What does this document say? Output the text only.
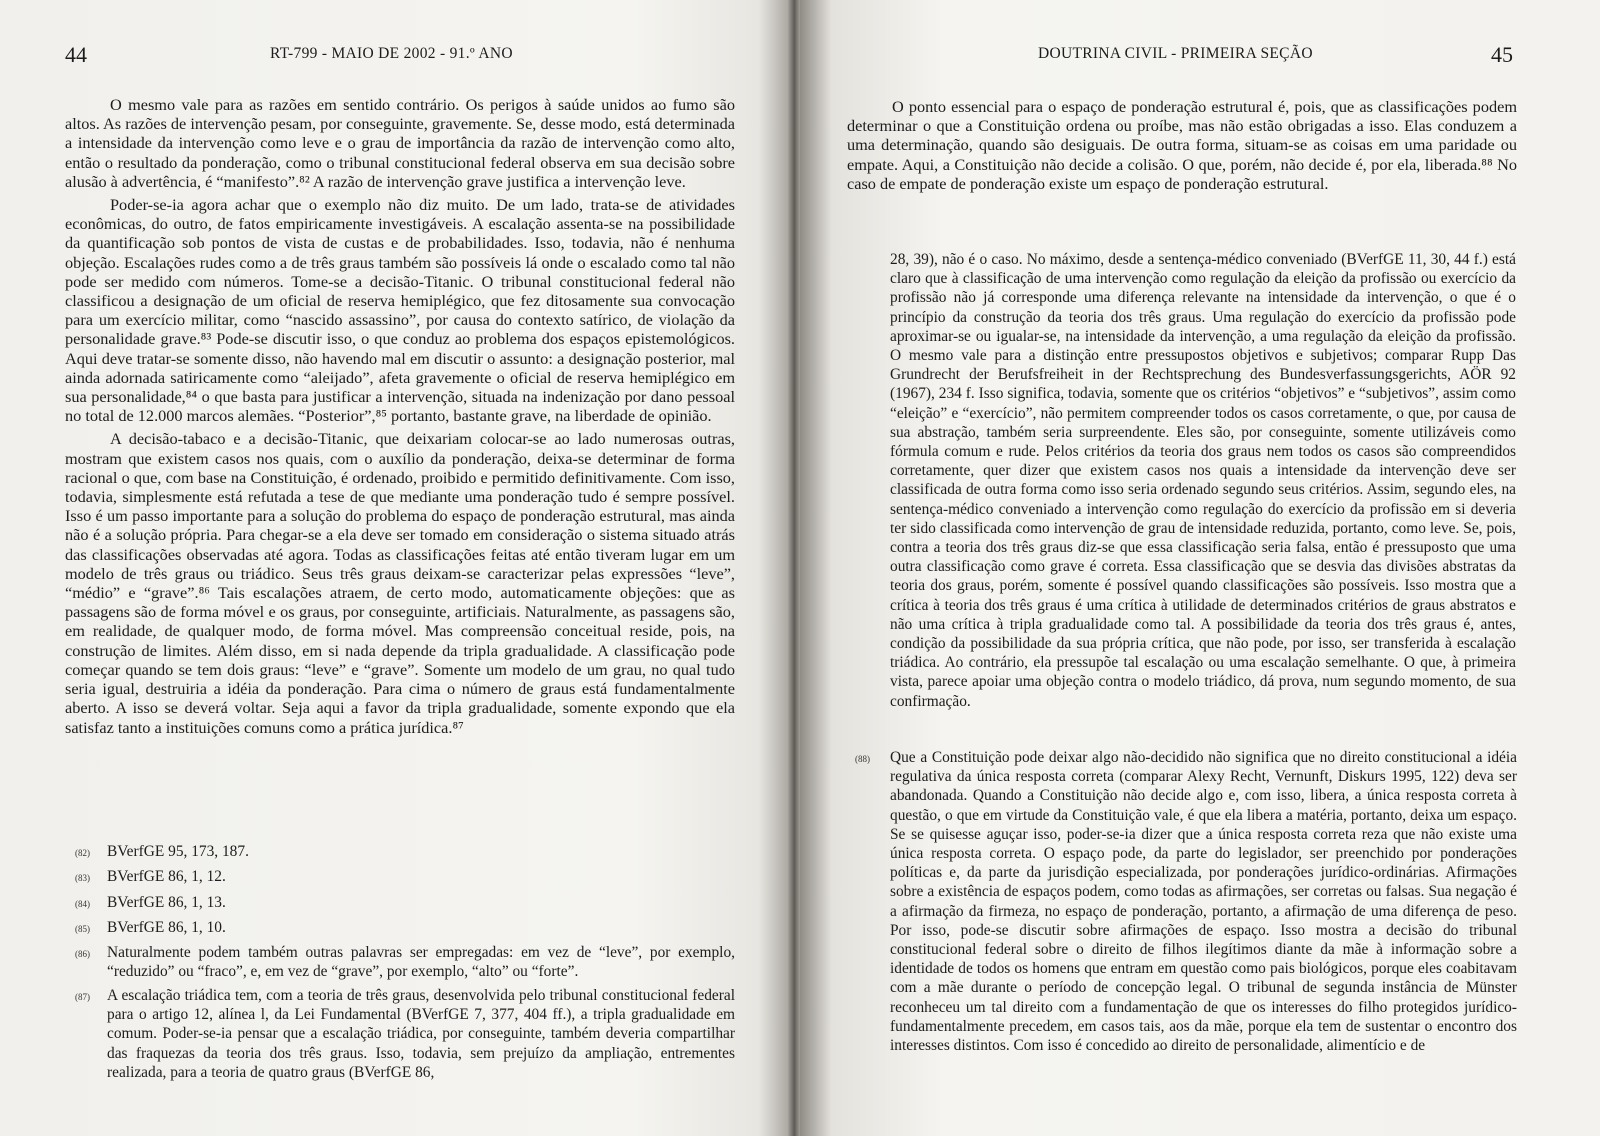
44	RT-799 - MAIO DE 2002 - 91.º ANO

O mesmo vale para as razões em sentido contrário. Os perigos à saúde unidos ao fumo são altos. As razões de intervenção pesam, por conseguinte, gravemente. Se, desse modo, está determinada a intensidade da intervenção como leve e o grau de importância da razão de intervenção como alto, então o resultado da ponderação, como o tribunal constitucional federal observa em sua decisão sobre alusão à advertência, é “manifesto”.⁸² A razão de intervenção grave justifica a intervenção leve.

Poder-se-ia agora achar que o exemplo não diz muito. De um lado, trata-se de atividades econômicas, do outro, de fatos empiricamente investigáveis. A escalação assenta-se na possibilidade da quantificação sob pontos de vista de custas e de probabilidades. Isso, todavia, não é nenhuma objeção. Escalações rudes como a de três graus também são possíveis lá onde o escalado como tal não pode ser medido com números. Tome-se a decisão-Titanic. O tribunal constitucional federal não classificou a designação de um oficial de reserva hemiplégico, que fez ditosamente sua convocação para um exercício militar, como “nascido assassino”, por causa do contexto satírico, de violação da personalidade grave.⁸³ Pode-se discutir isso, o que conduz ao problema dos espaços epistemológicos. Aqui deve tratar-se somente disso, não havendo mal em discutir o assunto: a designação posterior, mal ainda adornada satiricamente como “aleijado”, afeta gravemente o oficial de reserva hemiplégico em sua personalidade,⁸⁴ o que basta para justificar a intervenção, situada na indenização por dano pessoal no total de 12.000 marcos alemães. “Posterior”,⁸⁵ portanto, bastante grave, na liberdade de opinião.

A decisão-tabaco e a decisão-Titanic, que deixariam colocar-se ao lado numerosas outras, mostram que existem casos nos quais, com o auxílio da ponderação, deixa-se determinar de forma racional o que, com base na Constituição, é ordenado, proibido e permitido definitivamente. Com isso, todavia, simplesmente está refutada a tese de que mediante uma ponderação tudo é sempre possível. Isso é um passo importante para a solução do problema do espaço de ponderação estrutural, mas ainda não é a solução própria. Para chegar-se a ela deve ser tomado em consideração o sistema situado atrás das classificações observadas até agora. Todas as classificações feitas até então tiveram lugar em um modelo de três graus ou triádico. Seus três graus deixam-se caracterizar pelas expressões “leve”, “médio” e “grave”.⁸⁶ Tais escalações atraem, de certo modo, automaticamente objeções: que as passagens são de forma móvel e os graus, por conseguinte, artificiais. Naturalmente, as passagens são, em realidade, de qualquer modo, de forma móvel. Mas compreensão conceitual reside, pois, na construção de limites. Além disso, em si nada depende da tripla gradualidade. A classificação pode começar quando se tem dois graus: “leve” e “grave”. Somente um modelo de um grau, no qual tudo seria igual, destruiria a idéia da ponderação. Para cima o número de graus está fundamentalmente aberto. A isso se deverá voltar. Seja aqui a favor da tripla gradualidade, somente expondo que ela satisfaz tanto a instituições comuns como a prática jurídica.⁸⁷

(82)	BVerfGE 95, 173, 187.
(83)	BVerfGE 86, 1, 12.
(84)	BVerfGE 86, 1, 13.
(85)	BVerfGE 86, 1, 10.
(86)	Naturalmente podem também outras palavras ser empregadas: em vez de “leve”, por exemplo, “reduzido” ou “fraco”, e, em vez de “grave”, por exemplo, “alto” ou “forte”.
(87)	A escalação triádica tem, com a teoria de três graus, desenvolvida pelo tribunal constitucional federal para o artigo 12, alínea l, da Lei Fundamental (BVerfGE 7, 377, 404 ff.), a tripla gradualidade em comum. Poder-se-ia pensar que a escalação triádica, por conseguinte, também deveria compartilhar das fraquezas da teoria dos três graus. Isso, todavia, sem prejuízo da ampliação, entrementes realizada, para a teoria de quatro graus (BVerfGE 86,
DOUTRINA CIVIL - PRIMEIRA SEÇÃO	45

O ponto essencial para o espaço de ponderação estrutural é, pois, que as classificações podem determinar o que a Constituição ordena ou proíbe, mas não estão obrigadas a isso. Elas conduzem a uma determinação, quando são desiguais. De outra forma, situam-se as coisas em uma paridade ou empate. Aqui, a Constituição não decide a colisão. O que, porém, não decide é, por ela, liberada.⁸⁸ No caso de empate de ponderação existe um espaço de ponderação estrutural.

28, 39), não é o caso. No máximo, desde a sentença-médico conveniado (BVerfGE 11, 30, 44 f.) está claro que à classificação de uma intervenção como regulação da eleição da profissão ou exercício da profissão não já corresponde uma diferença relevante na intensidade da intervenção, o que é o princípio da construção da teoria dos três graus. Uma regulação do exercício da profissão pode aproximar-se ou igualar-se, na intensidade da intervenção, a uma regulação da eleição da profissão. O mesmo vale para a distinção entre pressupostos objetivos e subjetivos; comparar Rupp Das Grundrecht der Berufsfreiheit in der Rechtsprechung des Bundesverfassungsgerichts, AÖR 92 (1967), 234 f. Isso significa, todavia, somente que os critérios “objetivos” e “subjetivos”, assim como “eleição” e “exercício”, não permitem compreender todos os casos corretamente, o que, por causa de sua abstração, também seria surpreendente. Eles são, por conseguinte, somente utilizáveis como fórmula comum e rude. Pelos critérios da teoria dos graus nem todos os casos são compreendidos corretamente, quer dizer que existem casos nos quais a intensidade da intervenção deve ser classificada de outra forma como isso seria ordenado segundo seus critérios. Assim, segundo eles, na sentença-médico conveniado a intervenção como regulação do exercício da profissão em si deveria ter sido classificada como intervenção de grau de intensidade reduzida, portanto, como leve. Se, pois, contra a teoria dos três graus diz-se que essa classificação seria falsa, então é pressuposto que uma outra classificação como grave é correta. Essa classificação que se desvia das divisões abstratas da teoria dos graus, porém, somente é possível quando classificações são possíveis. Isso mostra que a crítica à teoria dos três graus é uma crítica à utilidade de determinados critérios de graus abstratos e não uma crítica à tripla gradualidade como tal. A possibilidade da teoria dos três graus é, antes, condição da possibilidade da sua própria crítica, que não pode, por isso, ser transferida à escalação triádica. Ao contrário, ela pressupõe tal escalação ou uma escalação semelhante. O que, à primeira vista, parece apoiar uma objeção contra o modelo triádico, dá prova, num segundo momento, de sua confirmação.
(88)	Que a Constituição pode deixar algo não-decidido não significa que no direito constitucional a idéia regulativa da única resposta correta (comparar Alexy Recht, Vernunft, Diskurs 1995, 122) deva ser abandonada. Quando a Constituição não decide algo e, com isso, libera, a única resposta correta à questão, o que em virtude da Constituição vale, é que ela libera a matéria, portanto, deixa um espaço. Se se quisesse aguçar isso, poder-se-ia dizer que a única resposta correta reza que não existe uma única resposta correta. O espaço pode, da parte do legislador, ser preenchido por ponderações políticas e, da parte da jurisdição especializada, por ponderações jurídico-ordinárias. Afirmações sobre a existência de espaços podem, como todas as afirmações, ser corretas ou falsas. Sua negação é a afirmação da firmeza, no espaço de ponderação, portanto, a afirmação de uma diferença de peso. Por isso, pode-se discutir sobre afirmações de espaço. Isso mostra a decisão do tribunal constitucional federal sobre o direito de filhos ilegítimos diante da mãe à informação sobre a identidade de todos os homens que entram em questão como pais biológicos, porque eles coabitavam com a mãe durante o período de concepção legal. O tribunal de segunda instância de Münster reconheceu um tal direito com a fundamentação de que os interesses do filho protegidos jurídico-fundamentalmente precedem, em casos tais, aos da mãe, porque ela tem de sustentar o encontro dos interesses distintos. Com isso é concedido ao direito de personalidade, alimentício e de
